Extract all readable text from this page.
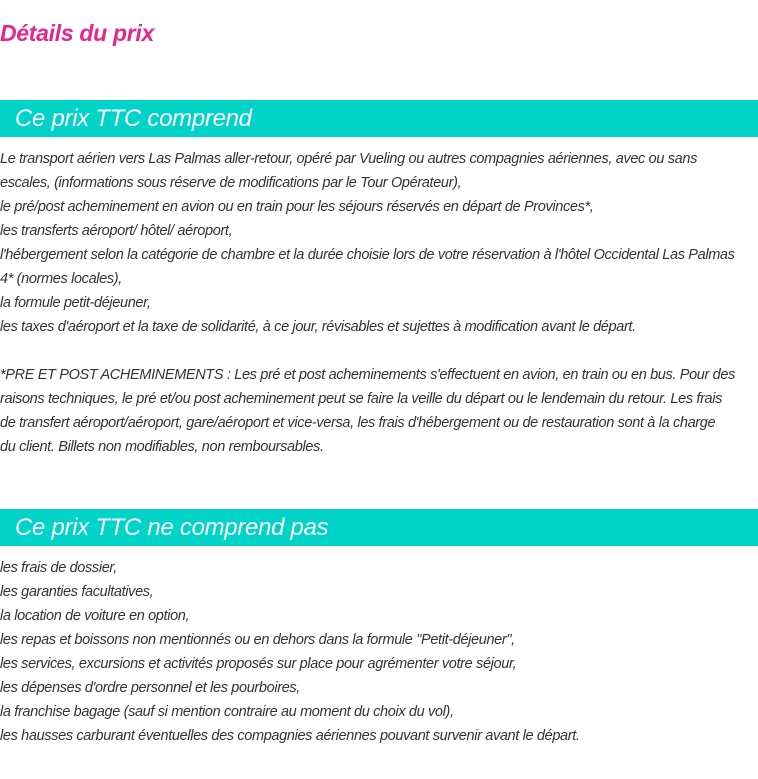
Détails du prix
Ce prix TTC comprend
Le transport aérien vers Las Palmas aller-retour, opéré par Vueling ou autres compagnies aériennes, avec ou sans
escales, (informations sous réserve de modifications par le Tour Opérateur),
le pré/post acheminement en avion ou en train pour les séjours réservés en départ de Provinces*,
les transferts aéroport/ hôtel/ aéroport,
l'hébergement selon la catégorie de chambre et la durée choisie lors de votre réservation à l'hôtel Occidental Las Palmas
4* (normes locales),
la formule petit-déjeuner,
les taxes d'aéroport et la taxe de solidarité, à ce jour, révisables et sujettes à modification avant le départ.
*PRE ET POST ACHEMINEMENTS : Les pré et post acheminements s'effectuent en avion, en train ou en bus. Pour des
raisons techniques, le pré et/ou post acheminement peut se faire la veille du départ ou le lendemain du retour. Les frais
de transfert aéroport/aéroport, gare/aéroport et vice-versa, les frais d'hébergement ou de restauration sont à la charge
du client. Billets non modifiables, non remboursables.
Ce prix TTC ne comprend pas
les frais de dossier,
les garanties facultatives,
la location de voiture en option,
les repas et boissons non mentionnés ou en dehors dans la formule "Petit-déjeuner",
les services, excursions et activités proposés sur place pour agrémenter votre séjour,
les dépenses d'ordre personnel et les pourboires,
la franchise bagage (sauf si mention contraire au moment du choix du vol),
les hausses carburant éventuelles des compagnies aériennes pouvant survenir avant le départ.
